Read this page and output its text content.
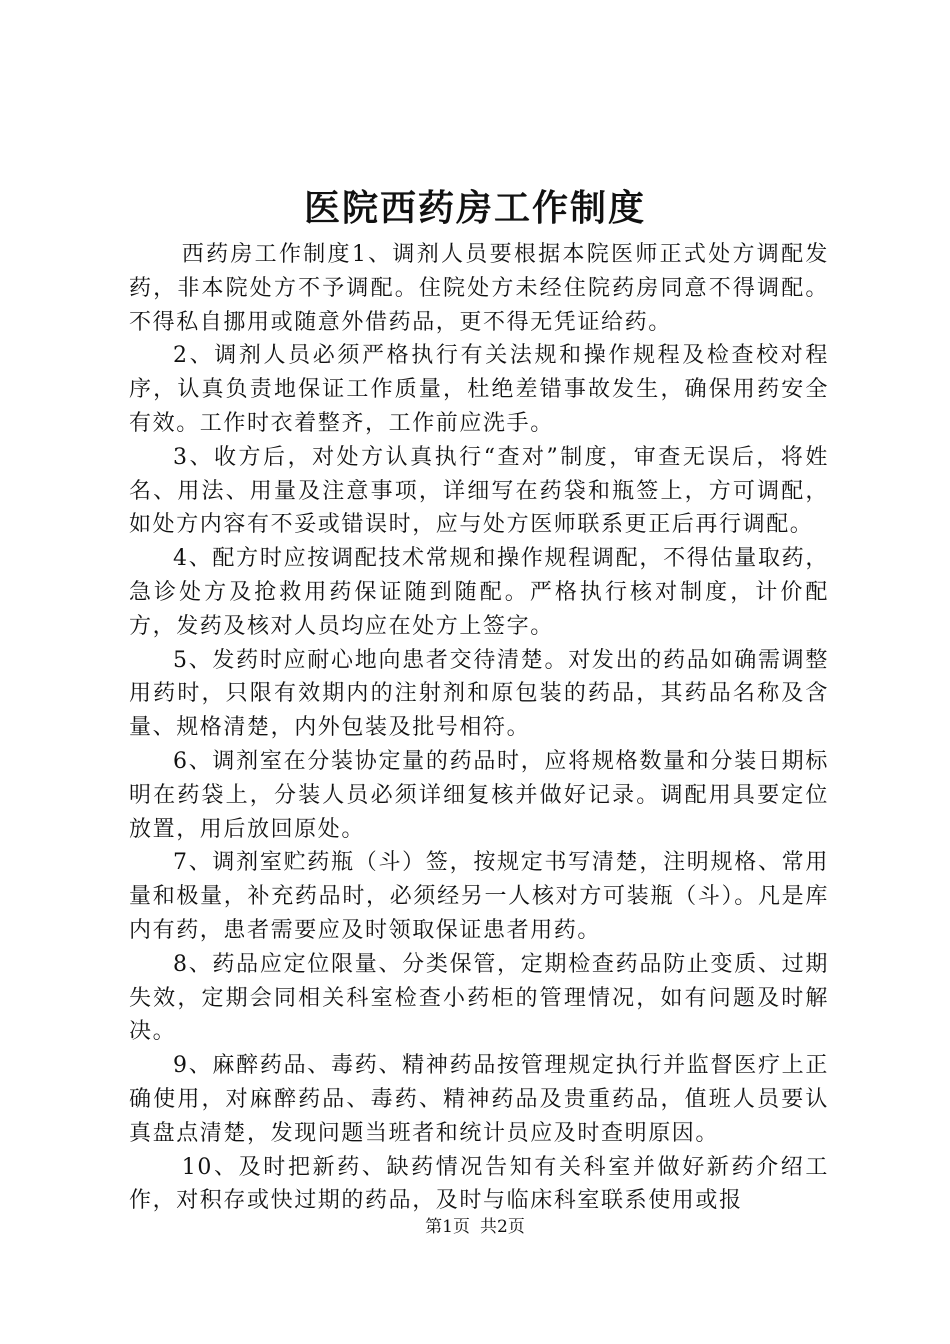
医院西药房工作制度

西药房工作制度1、调剂人员要根据本院医师正式处方调配发药，非本院处方不予调配。住院处方未经住院药房同意不得调配。不得私自挪用或随意外借药品，更不得无凭证给药。

2、调剂人员必须严格执行有关法规和操作规程及检查校对程序，认真负责地保证工作质量，杜绝差错事故发生，确保用药安全有效。工作时衣着整齐，工作前应洗手。

3、收方后，对处方认真执行“查对”制度，审查无误后，将姓名、用法、用量及注意事项，详细写在药袋和瓶签上，方可调配，如处方内容有不妥或错误时，应与处方医师联系更正后再行调配。

4、配方时应按调配技术常规和操作规程调配，不得估量取药，急诊处方及抢救用药保证随到随配。严格执行核对制度，计价配方，发药及核对人员均应在处方上签字。

5、发药时应耐心地向患者交待清楚。对发出的药品如确需调整用药时，只限有效期内的注射剂和原包装的药品，其药品名称及含量、规格清楚，内外包装及批号相符。

6、调剂室在分装协定量的药品时，应将规格数量和分装日期标明在药袋上，分装人员必须详细复核并做好记录。调配用具要定位放置，用后放回原处。

7、调剂室贮药瓶（斗）签，按规定书写清楚，注明规格、常用量和极量，补充药品时，必须经另一人核对方可装瓶（斗）。凡是库内有药，患者需要应及时领取保证患者用药。

8、药品应定位限量、分类保管，定期检查药品防止变质、过期失效，定期会同相关科室检查小药柜的管理情况，如有问题及时解决。

9、麻醉药品、毒药、精神药品按管理规定执行并监督医疗上正确使用，对麻醉药品、毒药、精神药品及贵重药品，值班人员要认真盘点清楚，发现问题当班者和统计员应及时查明原因。

10、及时把新药、缺药情况告知有关科室并做好新药介绍工作，对积存或快过期的药品，及时与临床科室联系使用或报

第1页 共2页
